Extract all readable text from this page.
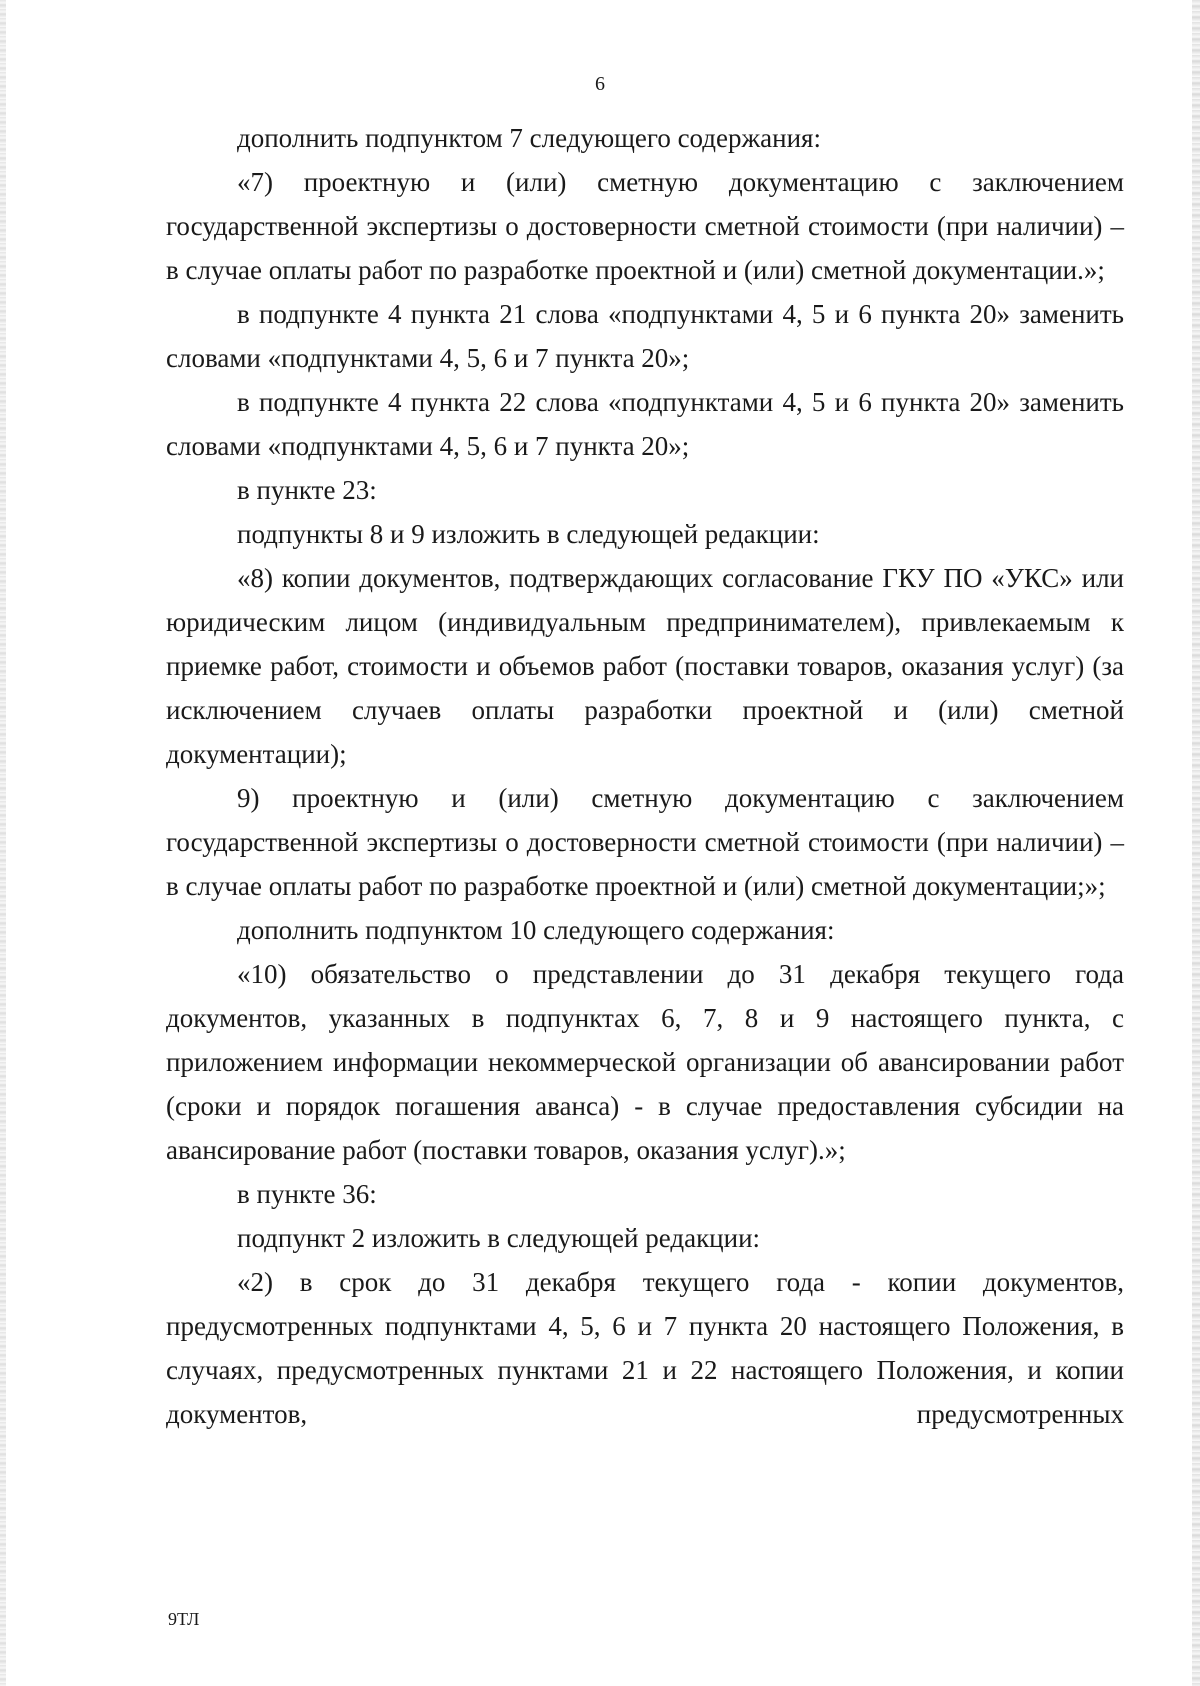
6

дополнить подпунктом 7 следующего содержания:

«7) проектную и (или) сметную документацию с заключением государственной экспертизы о достоверности сметной стоимости (при наличии) – в случае оплаты работ по разработке проектной и (или) сметной документации.»;

в подпункте 4 пункта 21 слова «подпунктами 4, 5 и 6 пункта 20» заменить словами «подпунктами 4, 5, 6 и 7 пункта 20»;

в подпункте 4 пункта 22 слова «подпунктами 4, 5 и 6 пункта 20» заменить словами «подпунктами 4, 5, 6 и 7 пункта 20»;

в пункте 23:

подпункты 8 и 9 изложить в следующей редакции:

«8) копии документов, подтверждающих согласование ГКУ ПО «УКС» или юридическим лицом (индивидуальным предпринимателем), привлекаемым к приемке работ, стоимости и объемов работ (поставки товаров, оказания услуг) (за исключением случаев оплаты разработки проектной и (или) сметной документации);

9) проектную и (или) сметную документацию с заключением государственной экспертизы о достоверности сметной стоимости (при наличии) – в случае оплаты работ по разработке проектной и (или) сметной документации;»;

дополнить подпунктом 10 следующего содержания:

«10) обязательство о представлении до 31 декабря текущего года документов, указанных в подпунктах 6, 7, 8 и 9 настоящего пункта, с приложением информации некоммерческой организации об авансировании работ (сроки и порядок погашения аванса) - в случае предоставления субсидии на авансирование работ (поставки товаров, оказания услуг).»;

в пункте 36:

подпункт 2 изложить в следующей редакции:

«2) в срок до 31 декабря текущего года - копии документов, предусмотренных подпунктами 4, 5, 6 и 7 пункта 20 настоящего Положения, в случаях, предусмотренных пунктами 21 и 22 настоящего Положения, и копии документов, предусмотренных

9ТЛ
